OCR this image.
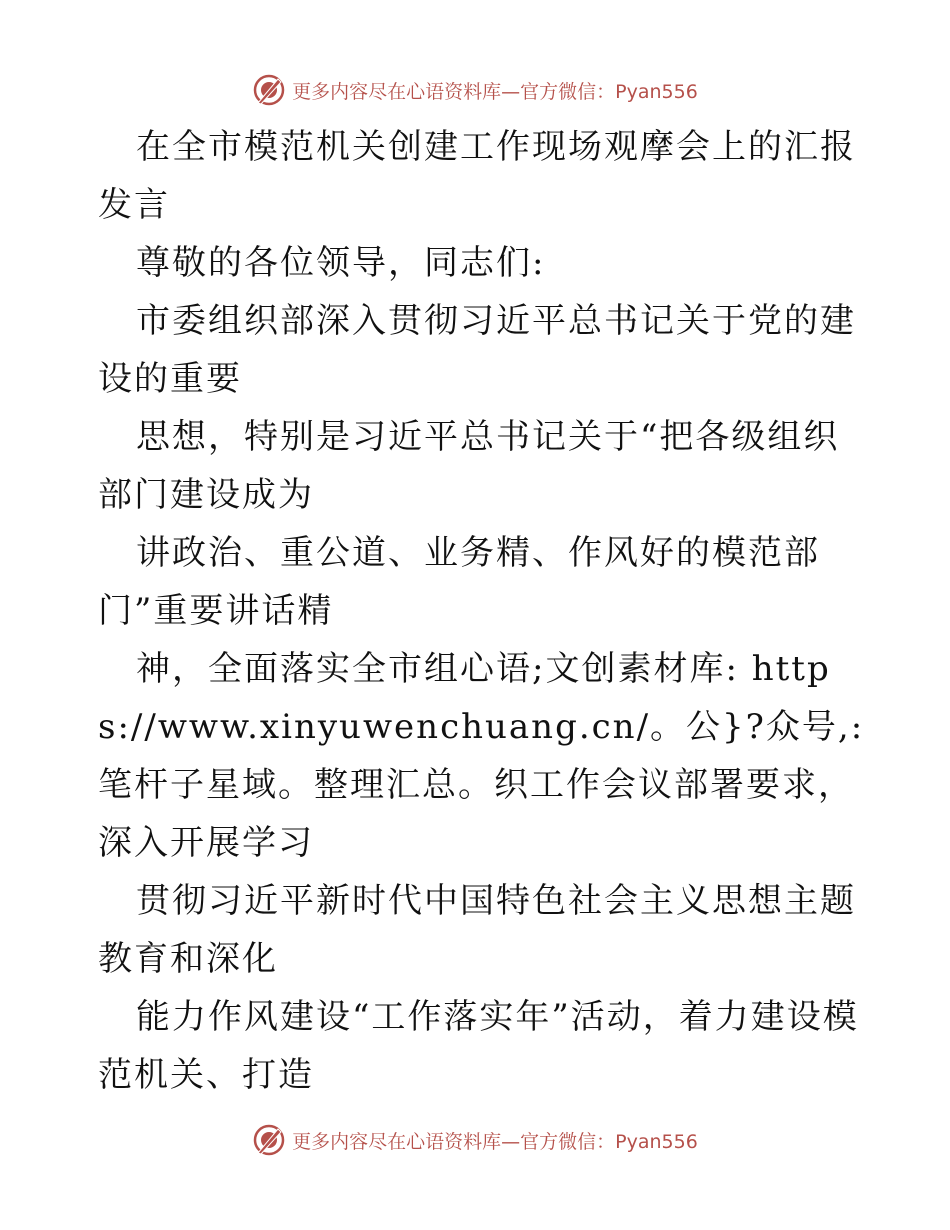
更多内容尽在心语资料库—官方微信：Pyan556

在全市模范机关创建工作现场观摩会上的汇报发言

尊敬的各位领导，同志们:

市委组织部深入贯彻习近平总书记关于党的建设的重要

思想，特别是习近平总书记关于“把各级组织部门建设成为

讲政治、重公道、业务精、作风好的模范部门”重要讲话精

神，全面落实全市组心语;文创素材库: https://www.xinyuwenchuang.cn/。公}?众号,: 笔杆子星域。整理汇总。织工作会议部署要求，深入开展学习

贯彻习近平新时代中国特色社会主义思想主题教育和深化

能力作风建设“工作落实年”活动，着力建设模范机关、打造

更多内容尽在心语资料库—官方微信：Pyan556
